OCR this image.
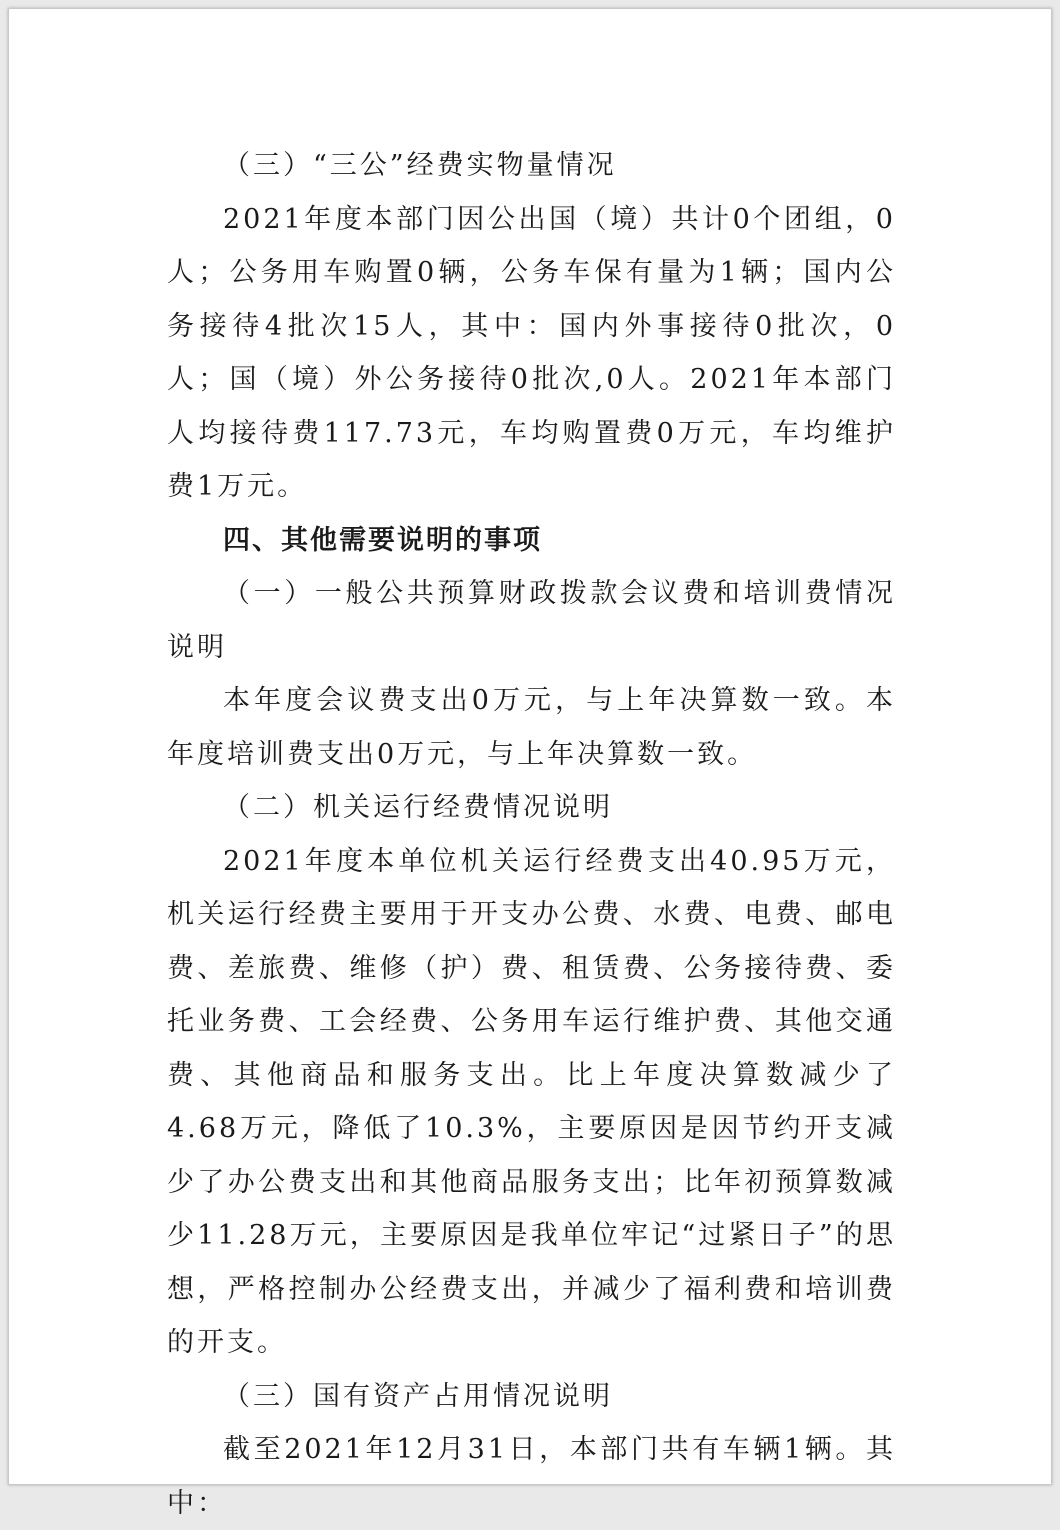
（三）“三公”经费实物量情况

2021年度本部门因公出国（境）共计0个团组，0人；公务用车购置0辆，公务车保有量为1辆；国内公务接待4批次15人，其中：国内外事接待0批次，0人；国（境）外公务接待0批次,0人。2021年本部门人均接待费117.73元，车均购置费0万元，车均维护费1万元。

四、其他需要说明的事项

（一）一般公共预算财政拨款会议费和培训费情况说明

本年度会议费支出0万元，与上年决算数一致。本年度培训费支出0万元，与上年决算数一致。

（二）机关运行经费情况说明

2021年度本单位机关运行经费支出40.95万元，机关运行经费主要用于开支办公费、水费、电费、邮电费、差旅费、维修（护）费、租赁费、公务接待费、委托业务费、工会经费、公务用车运行维护费、其他交通费、其他商品和服务支出。比上年度决算数减少了4.68万元，降低了10.3%，主要原因是因节约开支减少了办公费支出和其他商品服务支出；比年初预算数减少11.28万元，主要原因是我单位牢记“过紧日子”的思想，严格控制办公经费支出，并减少了福利费和培训费的开支。

（三）国有资产占用情况说明

截至2021年12月31日，本部门共有车辆1辆。其中：
